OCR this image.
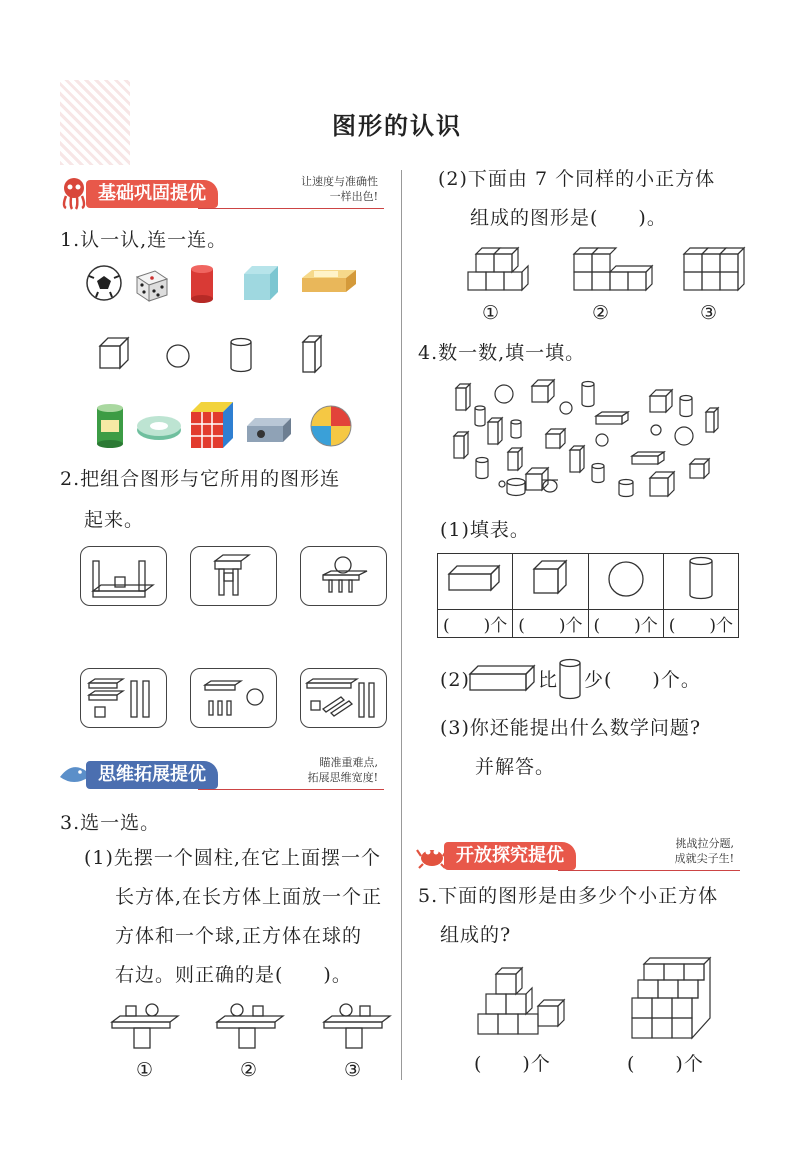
图形的认识
基础巩固提优
让速度与准确性
一样出色!
1.认一认,连一连。
2.把组合图形与它所用的图形连
起来。
思维拓展提优
瞄准重难点,
拓展思维宽度!
3.选一选。
(1)先摆一个圆柱,在它上面摆一个
长方体,在长方体上面放一个正
方体和一个球,正方体在球的
右边。则正确的是(　　)。
①	②	③
(2)下面由 7 个同样的小正方体
组成的图形是(　　)。
①	②	③
4.数一数,填一填。
(1)填表。

(　　)个	(　　)个	(　　)个	(　　)个
(2)	比 少(　　)个。
(3)你还能提出什么数学问题?
并解答。
开放探究提优
挑战拉分题,
成就尖子生!
5.下面的图形是由多少个小正方体
组成的?
(　　)个	(　　)个
